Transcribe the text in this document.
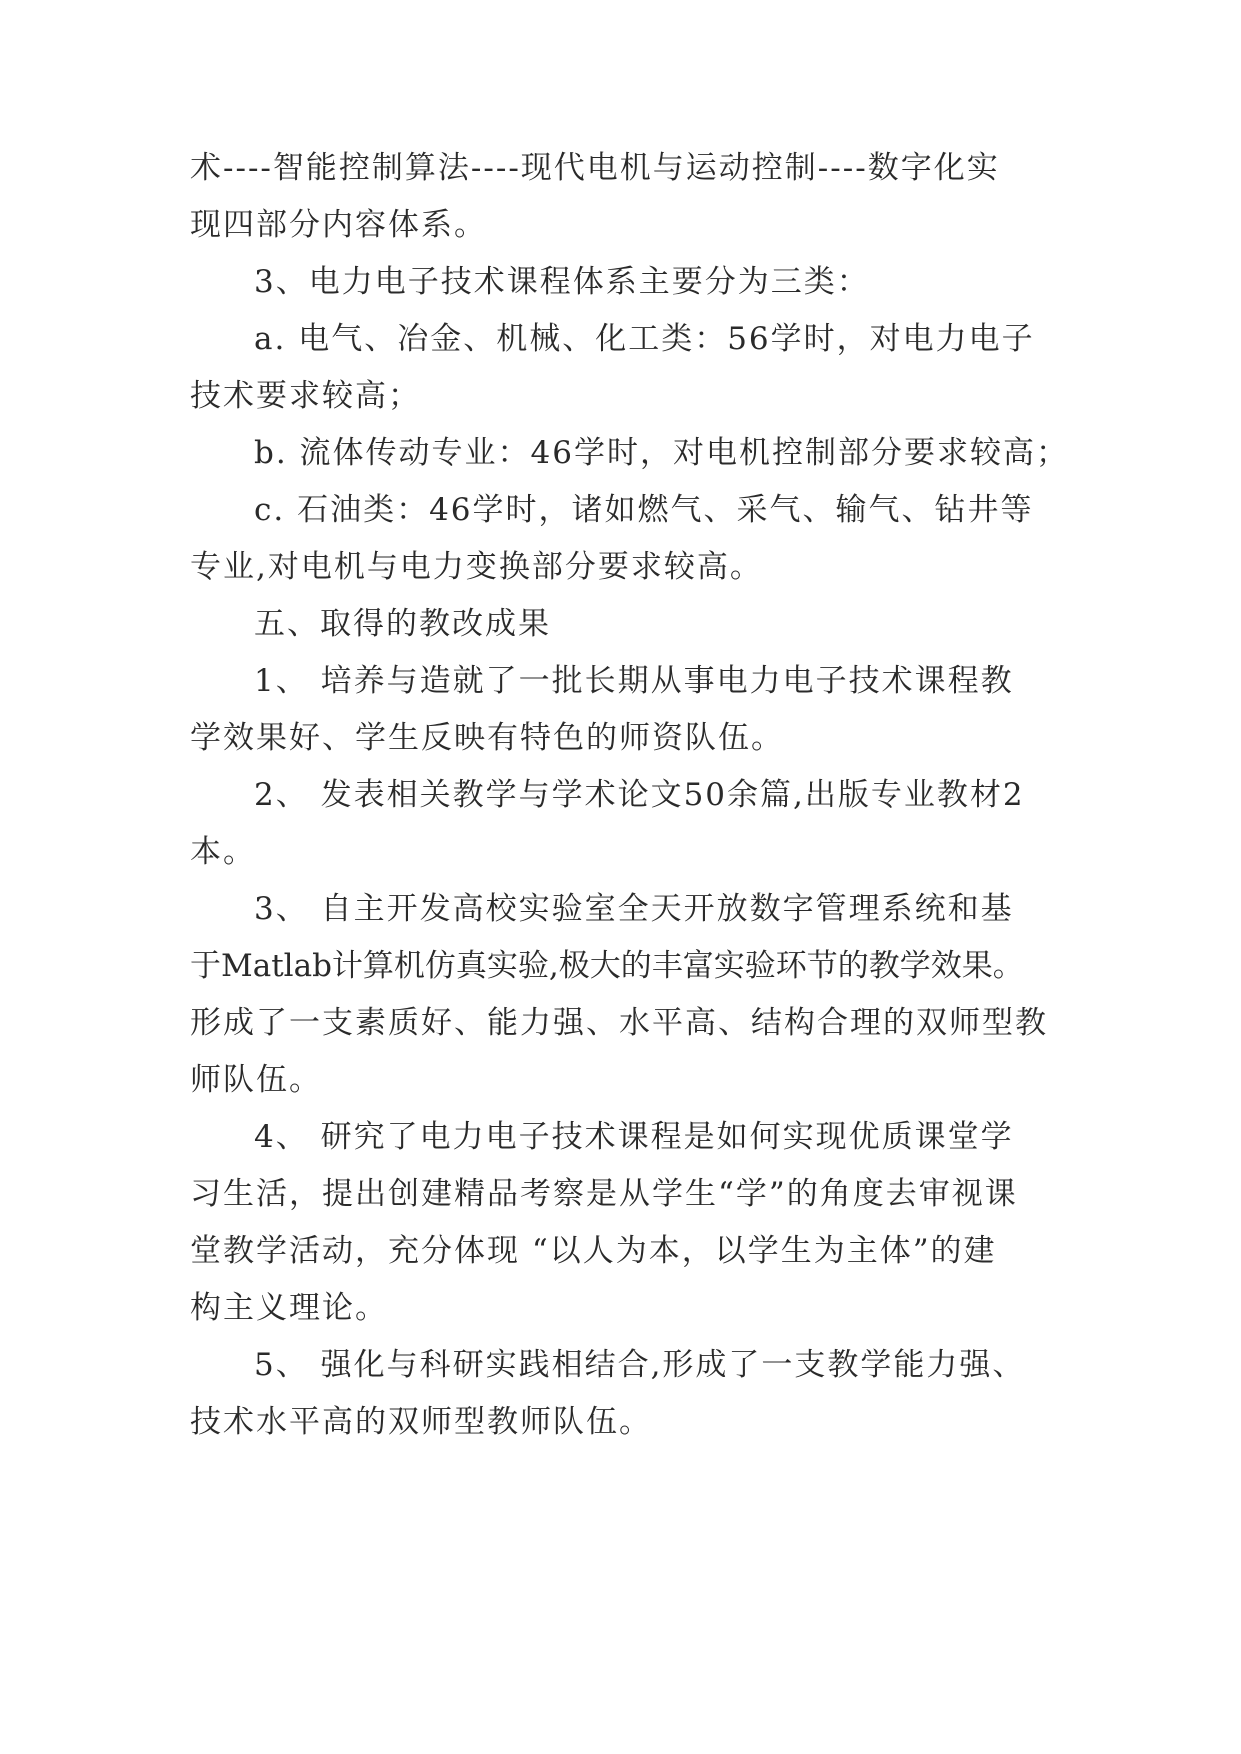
术----智能控制算法----现代电机与运动控制----数字化实
现四部分内容体系。
3、电力电子技术课程体系主要分为三类：
a. 电气、冶金、机械、化工类：56学时，对电力电子
技术要求较高；
b. 流体传动专业：46学时，对电机控制部分要求较高；
c. 石油类：46学时，诸如燃气、采气、输气、钻井等
专业,对电机与电力变换部分要求较高。
五、取得的教改成果
1、 培养与造就了一批长期从事电力电子技术课程教
学效果好、学生反映有特色的师资队伍。
2、 发表相关教学与学术论文50余篇,出版专业教材2
本。
3、 自主开发高校实验室全天开放数字管理系统和基
于Matlab计算机仿真实验,极大的丰富实验环节的教学效果。
形成了一支素质好、能力强、水平高、结构合理的双师型教
师队伍。
4、 研究了电力电子技术课程是如何实现优质课堂学
习生活，提出创建精品考察是从学生“学”的角度去审视课
堂教学活动，充分体现 “以人为本，以学生为主体”的建
构主义理论。
5、 强化与科研实践相结合,形成了一支教学能力强、
技术水平高的双师型教师队伍。
